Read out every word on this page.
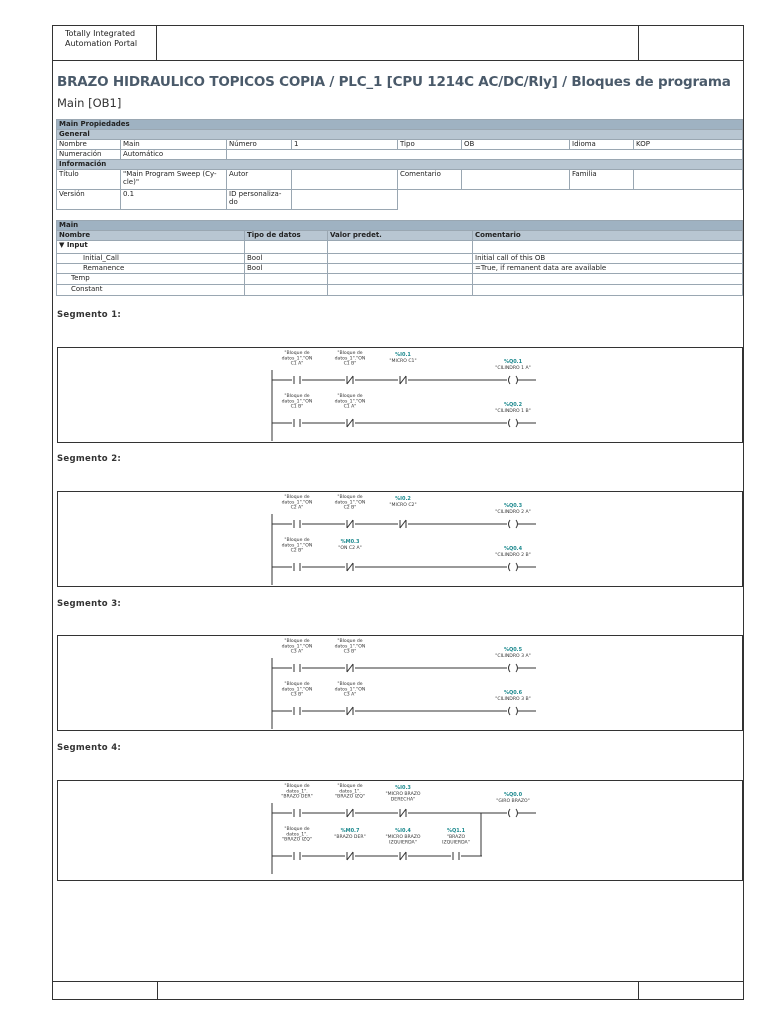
Totally Integrated
Automation Portal
BRAZO HIDRAULICO TOPICOS COPIA / PLC_1 [CPU 1214C AC/DC/Rly] / Bloques de programa
Main [OB1]
Main Propiedades							
General							
Nombre	Main	Número	1	Tipo	OB	Idioma	KOP
Numeración	Automático						
Información							
Título	"Main Program Sweep (Cy-cle)"	Autor		Comentario		Familia	
Versión	0.1	ID personaliza-do					
Main			
Nombre	Tipo de datos	Valor predet.	Comentario
▼ Input			
Initial_Call	Bool		Initial call of this OB
Remanence	Bool		=True, if remanent data are available
Temp			
Constant			
Segmento 1:
"Bloque de
datos_1"."ON
C1 A"
"Bloque de
datos_1"."ON
C1 B"
%I0.1
"MICRO C1"	%Q0.1
"CILINDRO 1 A"
"Bloque de
datos_1"."ON
C1 B"
"Bloque de
datos_1"."ON
C1 A"	%Q0.2
"CILINDRO 1 B"
Segmento 2:
"Bloque de
datos_1"."ON
C2 A"
"Bloque de
datos_1"."ON
C2 B"
%I0.2
"MICRO C2"	%Q0.3
"CILINDRO 2 A"
"Bloque de
datos_1"."ON
C2 B"
%M0.3
"ON C2 A"	%Q0.4
"CILINDRO 2 B"
Segmento 3:
"Bloque de
datos_1"."ON
C3 A"
"Bloque de
datos_1"."ON
C3 B"	%Q0.5
"CILINDRO 3 A"
"Bloque de
datos_1"."ON
C3 B"
"Bloque de
datos_1"."ON
C3 A"	%Q0.6
"CILINDRO 3 B"
Segmento 4:
"Bloque de
datos_1".
"BRAZO DER"
"Bloque de
datos_1".
"BRAZO IZQ"
%I0.3
"MICRO BRAZO
DERECHA"
%Q0.0
"GIRO BRAZO"
"Bloque de
datos_1".
"BRAZO IZQ"
%M0.7
"BRAZO DER"
%I0.4
"MICRO BRAZO
IZQUIERDA"
%Q1.1
"BRAZO
IZQUIERDA"
